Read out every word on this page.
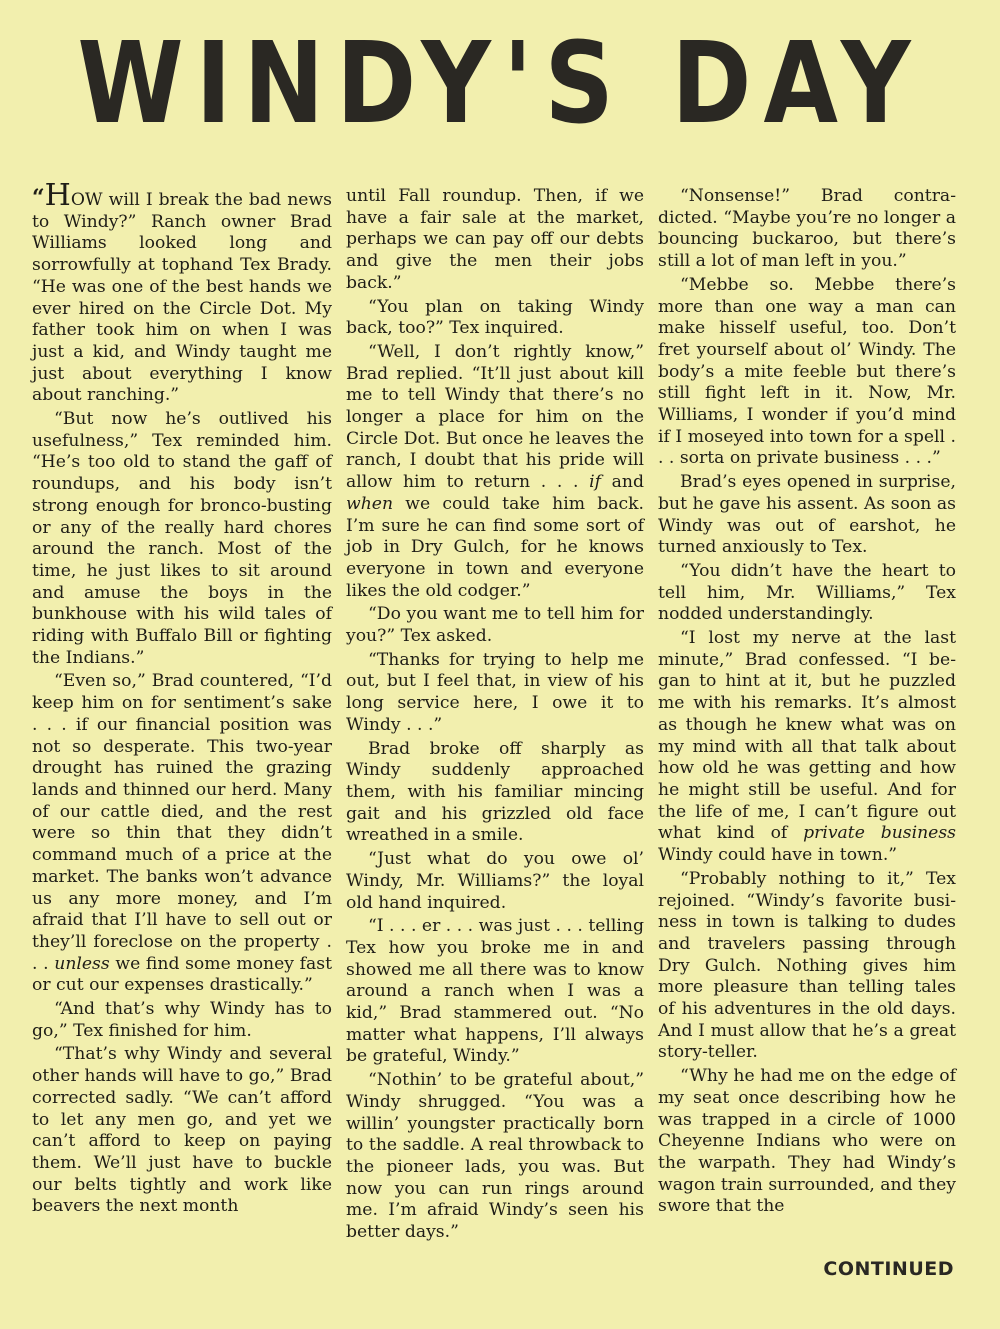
WINDY'S DAY

“HOW will I break the bad news to Windy?” Ranch owner Brad Williams looked long and sorrowfully at tophand Tex Brady. “He was one of the best hands we ever hired on the Circle Dot. My father took him on when I was just a kid, and Windy taught me just about everything I know about ranching.”

“But now he’s outlived his usefulness,” Tex reminded him. “He’s too old to stand the gaff of roundups, and his body isn’t strong enough for bronco-busting or any of the really hard chores around the ranch. Most of the time, he just likes to sit around and amuse the boys in the bunkhouse with his wild tales of riding with Buffalo Bill or fighting the Indians.”

“Even so,” Brad countered, “I’d keep him on for sentiment’s sake . . . if our financial position was not so desperate. This two-year drought has ruined the grazing lands and thinned our herd. Many of our cattle died, and the rest were so thin that they didn’t command much of a price at the market. The banks won’t advance us any more money, and I’m afraid that I’ll have to sell out or they’ll foreclose on the property . . . unless we find some money fast or cut our expenses drastically.”

“And that’s why Windy has to go,” Tex finished for him.

“That’s why Windy and several other hands will have to go,” Brad corrected sadly. “We can’t afford to let any men go, and yet we can’t afford to keep on paying them. We’ll just have to buckle our belts tightly and work like beavers the next month

until Fall roundup. Then, if we have a fair sale at the market, perhaps we can pay off our debts and give the men their jobs back.”

“You plan on taking Windy back, too?” Tex inquired.

“Well, I don’t rightly know,” Brad replied. “It’ll just about kill me to tell Windy that there’s no longer a place for him on the Circle Dot. But once he leaves the ranch, I doubt that his pride will allow him to return . . . if and when we could take him back. I’m sure he can find some sort of job in Dry Gulch, for he knows everyone in town and everyone likes the old codger.”

“Do you want me to tell him for you?” Tex asked.

“Thanks for trying to help me out, but I feel that, in view of his long service here, I owe it to Windy . . .”

Brad broke off sharply as Windy suddenly approached them, with his familiar mincing gait and his grizzled old face wreathed in a smile.

“Just what do you owe ol’ Windy, Mr. Williams?” the loyal old hand inquired.

“I . . . er . . . was just . . . telling Tex how you broke me in and showed me all there was to know around a ranch when I was a kid,” Brad stammered out. “No matter what happens, I’ll always be grateful, Windy.”

“Nothin’ to be grateful about,” Windy shrugged. “You was a willin’ youngster practically born to the saddle. A real throwback to the pioneer lads, you was. But now you can run rings around me. I’m afraid Windy’s seen his better days.”

“Nonsense!” Brad contradicted. “Maybe you’re no longer a bouncing buckaroo, but there’s still a lot of man left in you.”

“Mebbe so. Mebbe there’s more than one way a man can make hisself useful, too. Don’t fret yourself about ol’ Windy. The body’s a mite feeble but there’s still fight left in it. Now, Mr. Williams, I wonder if you’d mind if I moseyed into town for a spell . . . sorta on private business . . .”

Brad’s eyes opened in surprise, but he gave his assent. As soon as Windy was out of earshot, he turned anxiously to Tex.

“You didn’t have the heart to tell him, Mr. Williams,” Tex nodded understandingly.

“I lost my nerve at the last minute,” Brad confessed. “I began to hint at it, but he puzzled me with his remarks. It’s almost as though he knew what was on my mind with all that talk about how old he was getting and how he might still be useful. And for the life of me, I can’t figure out what kind of private business Windy could have in town.”

“Probably nothing to it,” Tex rejoined. “Windy’s favorite business in town is talking to dudes and travelers passing through Dry Gulch. Nothing gives him more pleasure than telling tales of his adventures in the old days. And I must allow that he’s a great story-teller.

“Why he had me on the edge of my seat once describing how he was trapped in a circle of 1000 Cheyenne Indians who were on the warpath. They had Windy’s wagon train surrounded, and they swore that the

CONTINUED
